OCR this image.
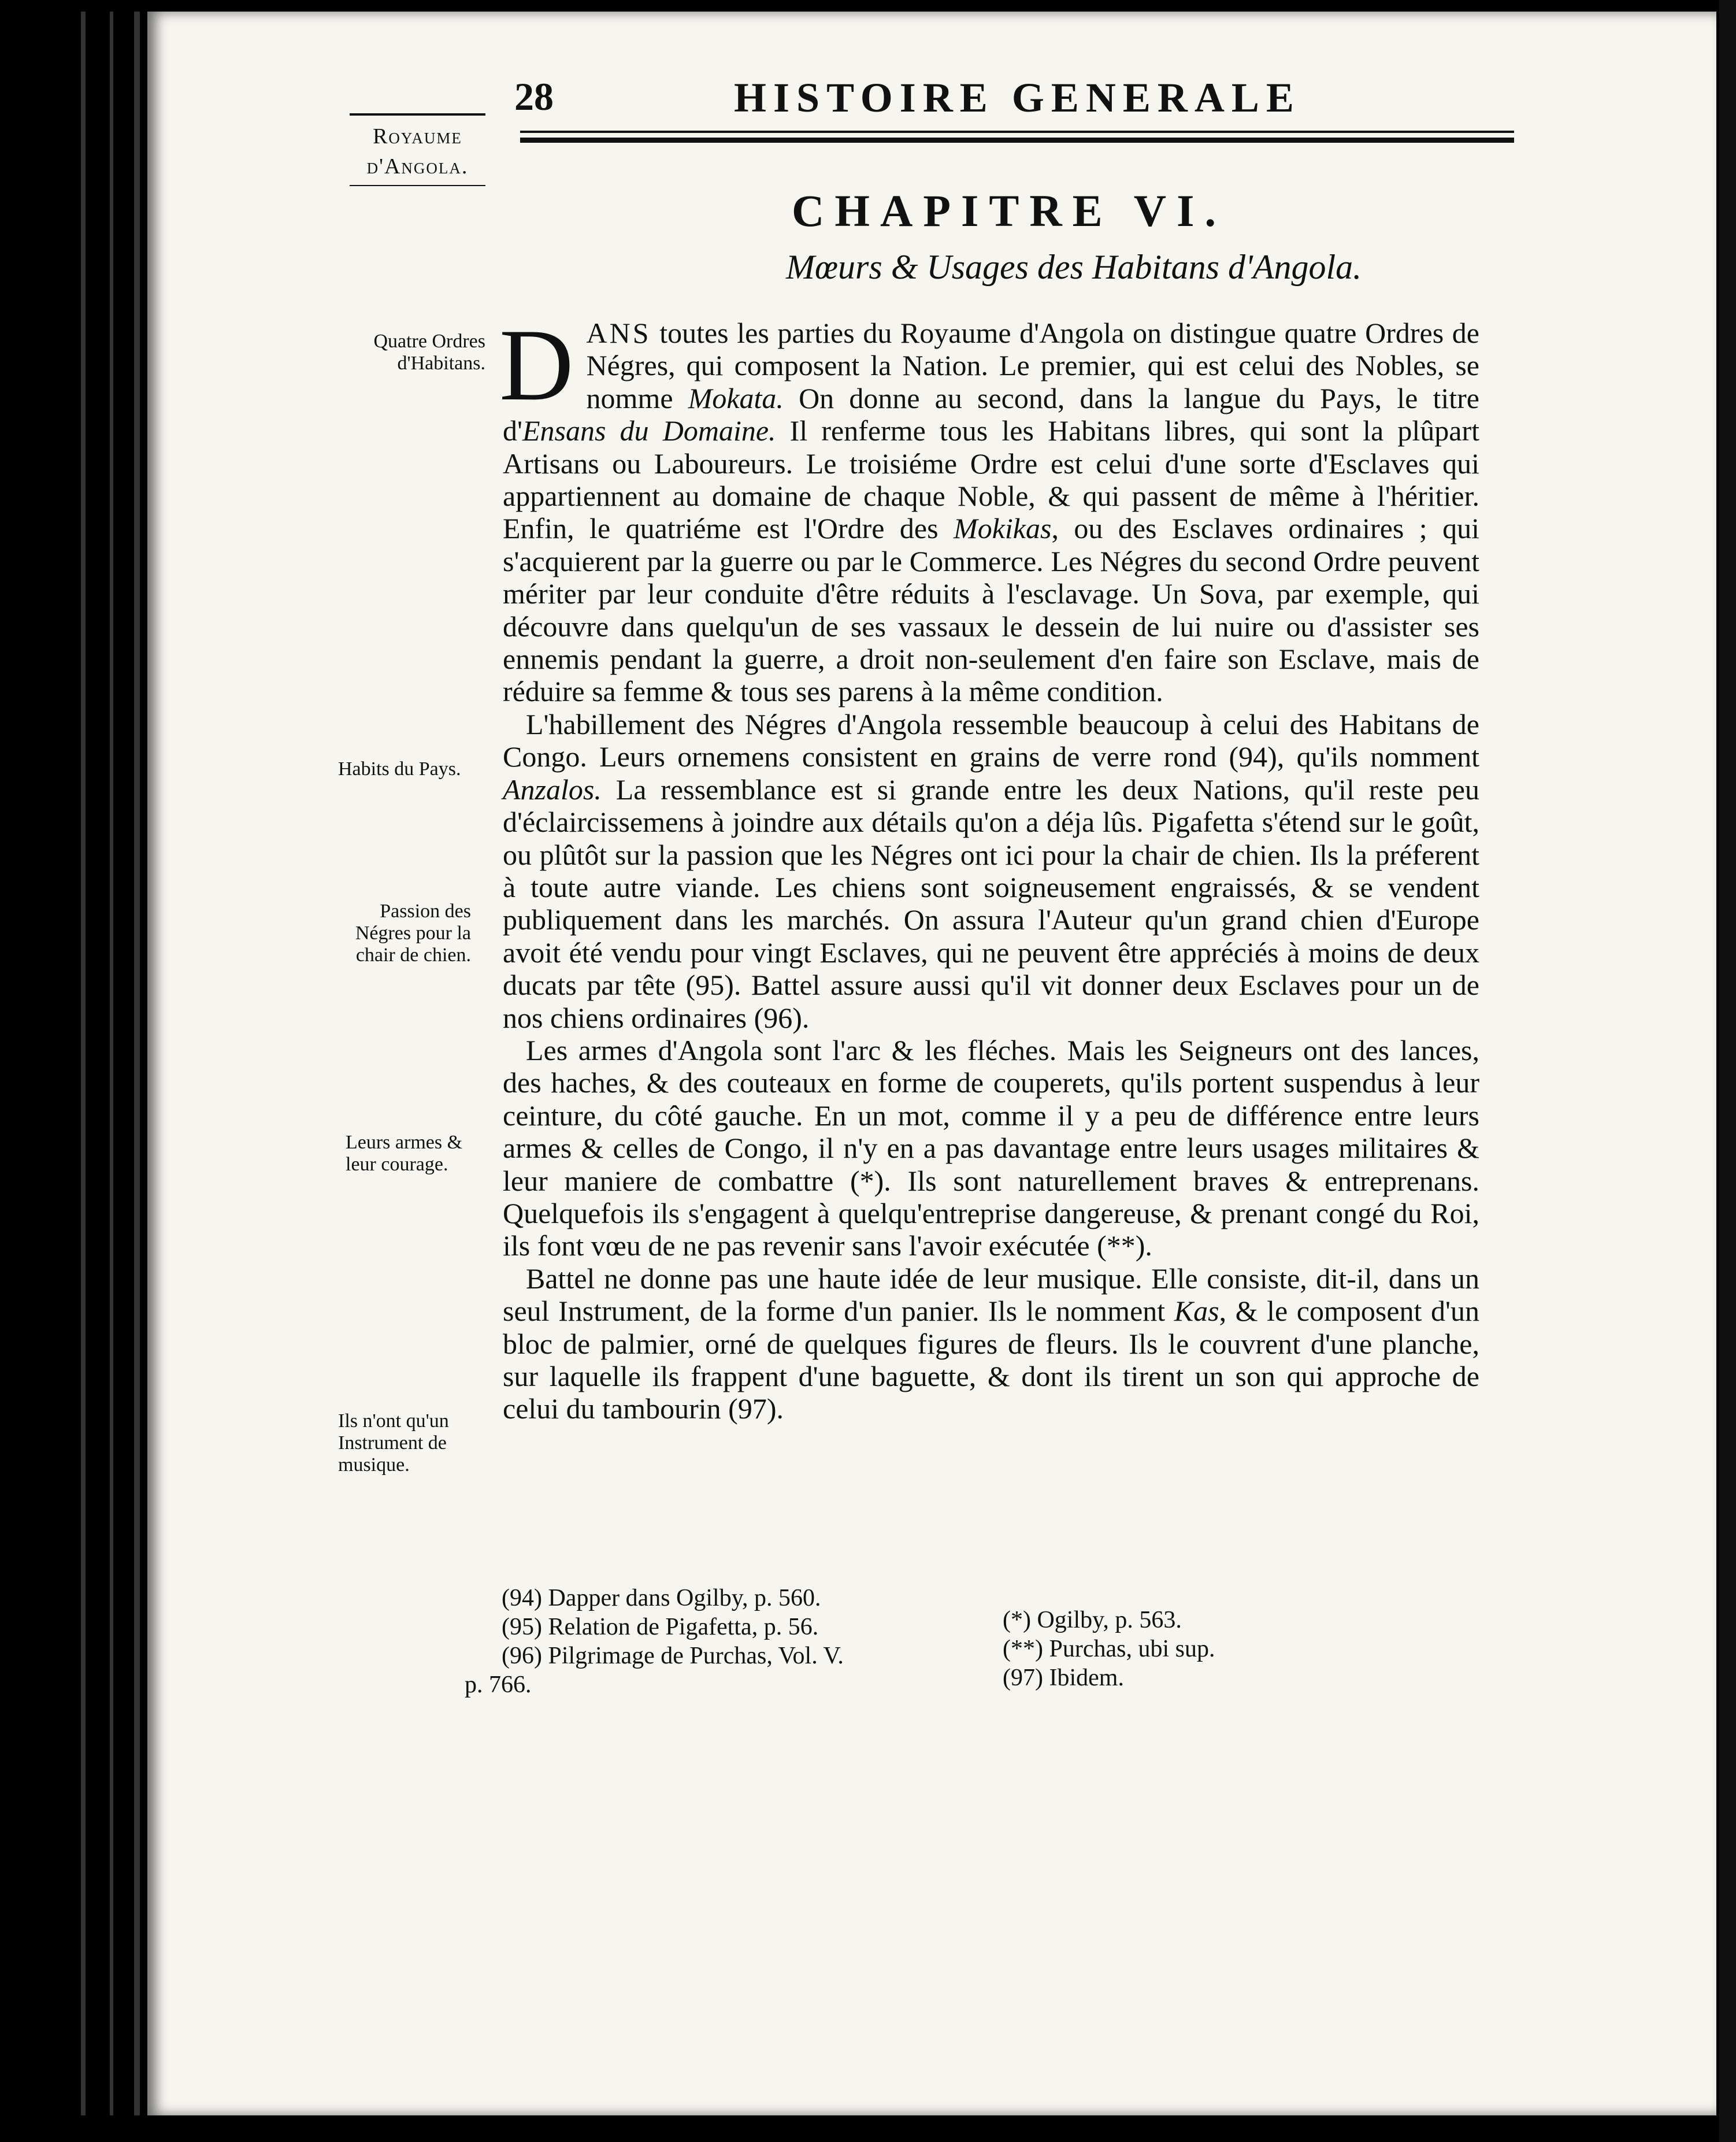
28	HISTOIRE GENERALE
Royaume d'Angola.
CHAPITRE VI.
Mœurs & Usages des Habitans d'Angola.
Quatre Ordres d'Habitans.
Habits du Pays.
Passion des Négres pour la chair de chien.
Leurs armes & leur courage.
Ils n'ont qu'un Instrument de musique.

DANS toutes les parties du Royaume d'Angola on distingue quatre Ordres de Négres, qui composent la Nation. Le premier, qui est celui des Nobles, se nomme Mokata. On donne au second, dans la langue du Pays, le titre d'Ensans du Domaine. Il renferme tous les Habitans libres, qui sont la plûpart Artisans ou Laboureurs. Le troisiéme Ordre est celui d'une sorte d'Esclaves qui appartiennent au domaine de chaque Noble, & qui passent de même à l'héritier. Enfin, le quatriéme est l'Ordre des Mokikas, ou des Esclaves ordinaires ; qui s'acquierent par la guerre ou par le Commerce. Les Négres du second Ordre peuvent mériter par leur conduite d'être réduits à l'esclavage. Un Sova, par exemple, qui découvre dans quelqu'un de ses vassaux le dessein de lui nuire ou d'assister ses ennemis pendant la guerre, a droit non-seulement d'en faire son Esclave, mais de réduire sa femme & tous ses parens à la même condition.

L'habillement des Négres d'Angola ressemble beaucoup à celui des Habitans de Congo. Leurs ornemens consistent en grains de verre rond (94), qu'ils nomment Anzalos. La ressemblance est si grande entre les deux Nations, qu'il reste peu d'éclaircissemens à joindre aux détails qu'on a déja lûs. Pigafetta s'étend sur le goût, ou plûtôt sur la passion que les Négres ont ici pour la chair de chien. Ils la préferent à toute autre viande. Les chiens sont soigneusement engraissés, & se vendent publiquement dans les marchés. On assura l'Auteur qu'un grand chien d'Europe avoit été vendu pour vingt Esclaves, qui ne peuvent être appréciés à moins de deux ducats par tête (95). Battel assure aussi qu'il vit donner deux Esclaves pour un de nos chiens ordinaires (96).

Les armes d'Angola sont l'arc & les fléches. Mais les Seigneurs ont des lances, des haches, & des couteaux en forme de couperets, qu'ils portent suspendus à leur ceinture, du côté gauche. En un mot, comme il y a peu de différence entre leurs armes & celles de Congo, il n'y en a pas davantage entre leurs usages militaires & leur maniere de combattre (*). Ils sont naturellement braves & entreprenans. Quelquefois ils s'engagent à quelqu'entreprise dangereuse, & prenant congé du Roi, ils font vœu de ne pas revenir sans l'avoir exécutée (**).

Battel ne donne pas une haute idée de leur musique. Elle consiste, dit-il, dans un seul Instrument, de la forme d'un panier. Ils le nomment Kas, & le composent d'un bloc de palmier, orné de quelques figures de fleurs. Ils le couvrent d'une planche, sur laquelle ils frappent d'une baguette, & dont ils tirent un son qui approche de celui du tambourin (97).

(94) Dapper dans Ogilby, p. 560.
(95) Relation de Pigafetta, p. 56.
(96) Pilgrimage de Purchas, Vol. V.
p. 766.
(*) Ogilby, p. 563.
(**) Purchas, ubi sup.
(97) Ibidem.
